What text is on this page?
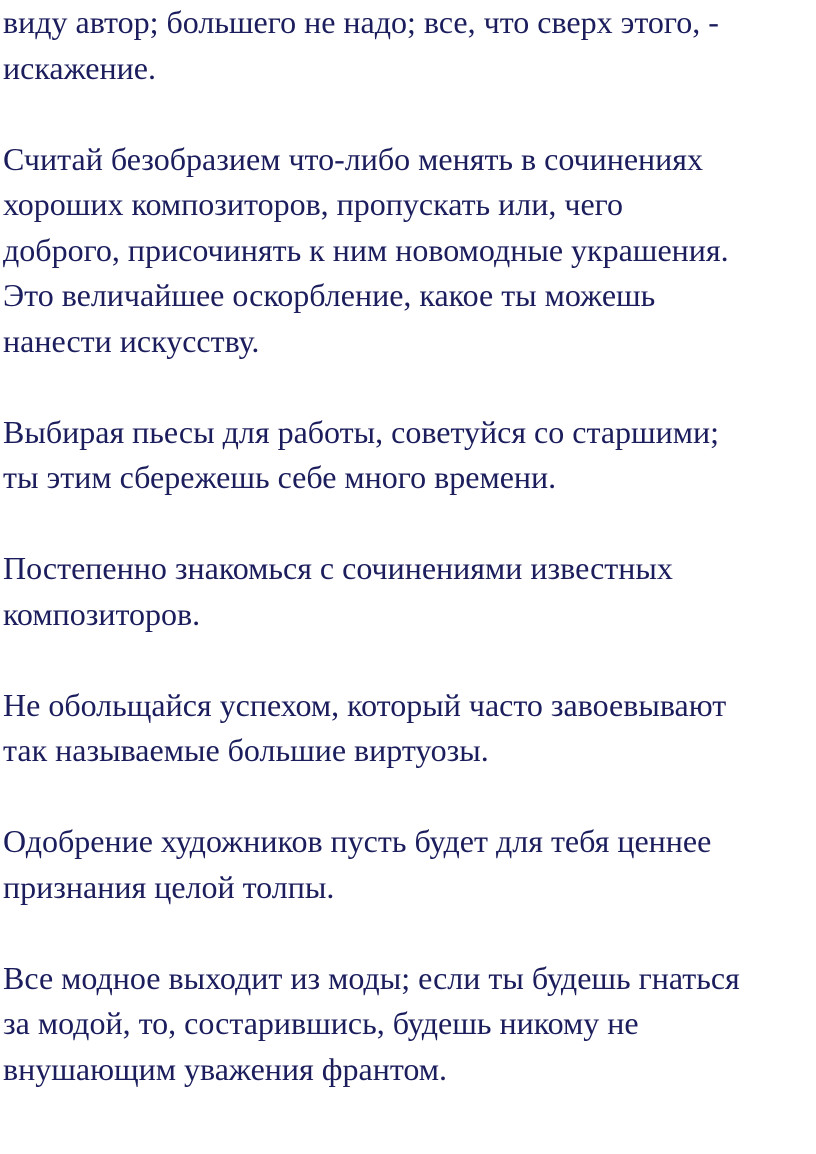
виду автор; большего не надо; все, что сверх этого, -
искажение.

Считай безобразием что-либо менять в сочинениях
хороших композиторов, пропускать или, чего
доброго, присочинять к ним новомодные украшения.
Это величайшее оскорбление, какое ты можешь
нанести искусству.

Выбирая пьесы для работы, советуйся со старшими;
ты этим сбережешь себе много времени.

Постепенно знакомься с сочинениями известных
композиторов.

Не обольщайся успехом, который часто завоевывают
так называемые большие виртуозы.

Одобрение художников пусть будет для тебя ценнее
признания целой толпы.

Все модное выходит из моды; если ты будешь гнаться
за модой, то, состарившись, будешь никому не
внушающим уважения франтом.
